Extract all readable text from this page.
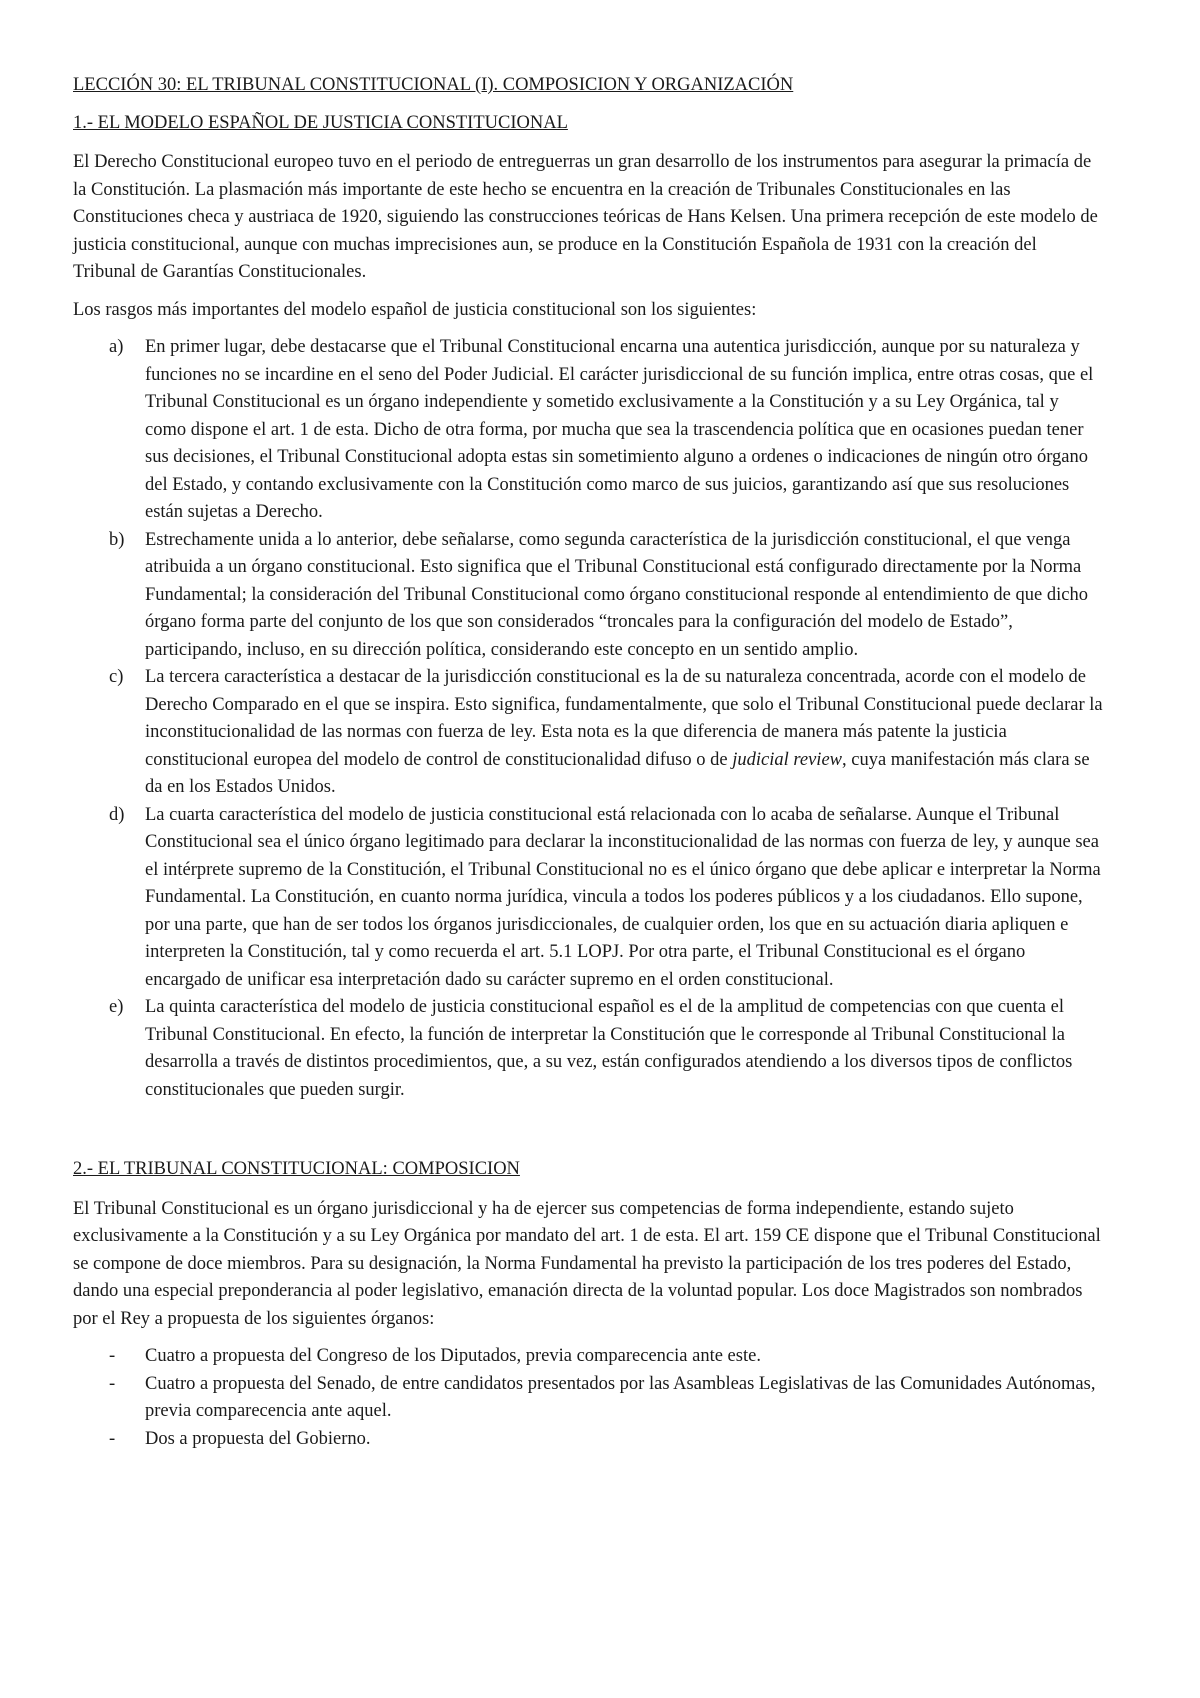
LECCIÓN 30: EL TRIBUNAL CONSTITUCIONAL (I). COMPOSICION Y ORGANIZACIÓN
1.- EL MODELO ESPAÑOL DE JUSTICIA CONSTITUCIONAL

El Derecho Constitucional europeo tuvo en el periodo de entreguerras un gran desarrollo de los instrumentos para asegurar la primacía de la Constitución. La plasmación más importante de este hecho se encuentra en la creación de Tribunales Constitucionales en las Constituciones checa y austriaca de 1920, siguiendo las construcciones teóricas de Hans Kelsen. Una primera recepción de este modelo de justicia constitucional, aunque con muchas imprecisiones aun, se produce en la Constitución Española de 1931 con la creación del Tribunal de Garantías Constitucionales.

Los rasgos más importantes del modelo español de justicia constitucional son los siguientes:

a) En primer lugar, debe destacarse que el Tribunal Constitucional encarna una autentica jurisdicción, aunque por su naturaleza y funciones no se incardine en el seno del Poder Judicial. El carácter jurisdiccional de su función implica, entre otras cosas, que el Tribunal Constitucional es un órgano independiente y sometido exclusivamente a la Constitución y a su Ley Orgánica, tal y como dispone el art. 1 de esta. Dicho de otra forma, por mucha que sea la trascendencia política que en ocasiones puedan tener sus decisiones, el Tribunal Constitucional adopta estas sin sometimiento alguno a ordenes o indicaciones de ningún otro órgano del Estado, y contando exclusivamente con la Constitución como marco de sus juicios, garantizando así que sus resoluciones están sujetas a Derecho.
b) Estrechamente unida a lo anterior, debe señalarse, como segunda característica de la jurisdicción constitucional, el que venga atribuida a un órgano constitucional. Esto significa que el Tribunal Constitucional está configurado directamente por la Norma Fundamental; la consideración del Tribunal Constitucional como órgano constitucional responde al entendimiento de que dicho órgano forma parte del conjunto de los que son considerados “troncales para la configuración del modelo de Estado”, participando, incluso, en su dirección política, considerando este concepto en un sentido amplio.
c) La tercera característica a destacar de la jurisdicción constitucional es la de su naturaleza concentrada, acorde con el modelo de Derecho Comparado en el que se inspira. Esto significa, fundamentalmente, que solo el Tribunal Constitucional puede declarar la inconstitucionalidad de las normas con fuerza de ley. Esta nota es la que diferencia de manera más patente la justicia constitucional europea del modelo de control de constitucionalidad difuso o de judicial review, cuya manifestación más clara se da en los Estados Unidos.
d) La cuarta característica del modelo de justicia constitucional está relacionada con lo acaba de señalarse. Aunque el Tribunal Constitucional sea el único órgano legitimado para declarar la inconstitucionalidad de las normas con fuerza de ley, y aunque sea el intérprete supremo de la Constitución, el Tribunal Constitucional no es el único órgano que debe aplicar e interpretar la Norma Fundamental. La Constitución, en cuanto norma jurídica, vincula a todos los poderes públicos y a los ciudadanos. Ello supone, por una parte, que han de ser todos los órganos jurisdiccionales, de cualquier orden, los que en su actuación diaria apliquen e interpreten la Constitución, tal y como recuerda el art. 5.1 LOPJ. Por otra parte, el Tribunal Constitucional es el órgano encargado de unificar esa interpretación dado su carácter supremo en el orden constitucional.
e) La quinta característica del modelo de justicia constitucional español es el de la amplitud de competencias con que cuenta el Tribunal Constitucional. En efecto, la función de interpretar la Constitución que le corresponde al Tribunal Constitucional la desarrolla a través de distintos procedimientos, que, a su vez, están configurados atendiendo a los diversos tipos de conflictos constitucionales que pueden surgir.
2.- EL TRIBUNAL CONSTITUCIONAL: COMPOSICION

El Tribunal Constitucional es un órgano jurisdiccional y ha de ejercer sus competencias de forma independiente, estando sujeto exclusivamente a la Constitución y a su Ley Orgánica por mandato del art. 1 de esta. El art. 159 CE dispone que el Tribunal Constitucional se compone de doce miembros. Para su designación, la Norma Fundamental ha previsto la participación de los tres poderes del Estado, dando una especial preponderancia al poder legislativo, emanación directa de la voluntad popular. Los doce Magistrados son nombrados por el Rey a propuesta de los siguientes órganos:

- Cuatro a propuesta del Congreso de los Diputados, previa comparecencia ante este.
- Cuatro a propuesta del Senado, de entre candidatos presentados por las Asambleas Legislativas de las Comunidades Autónomas, previa comparecencia ante aquel.
- Dos a propuesta del Gobierno.
